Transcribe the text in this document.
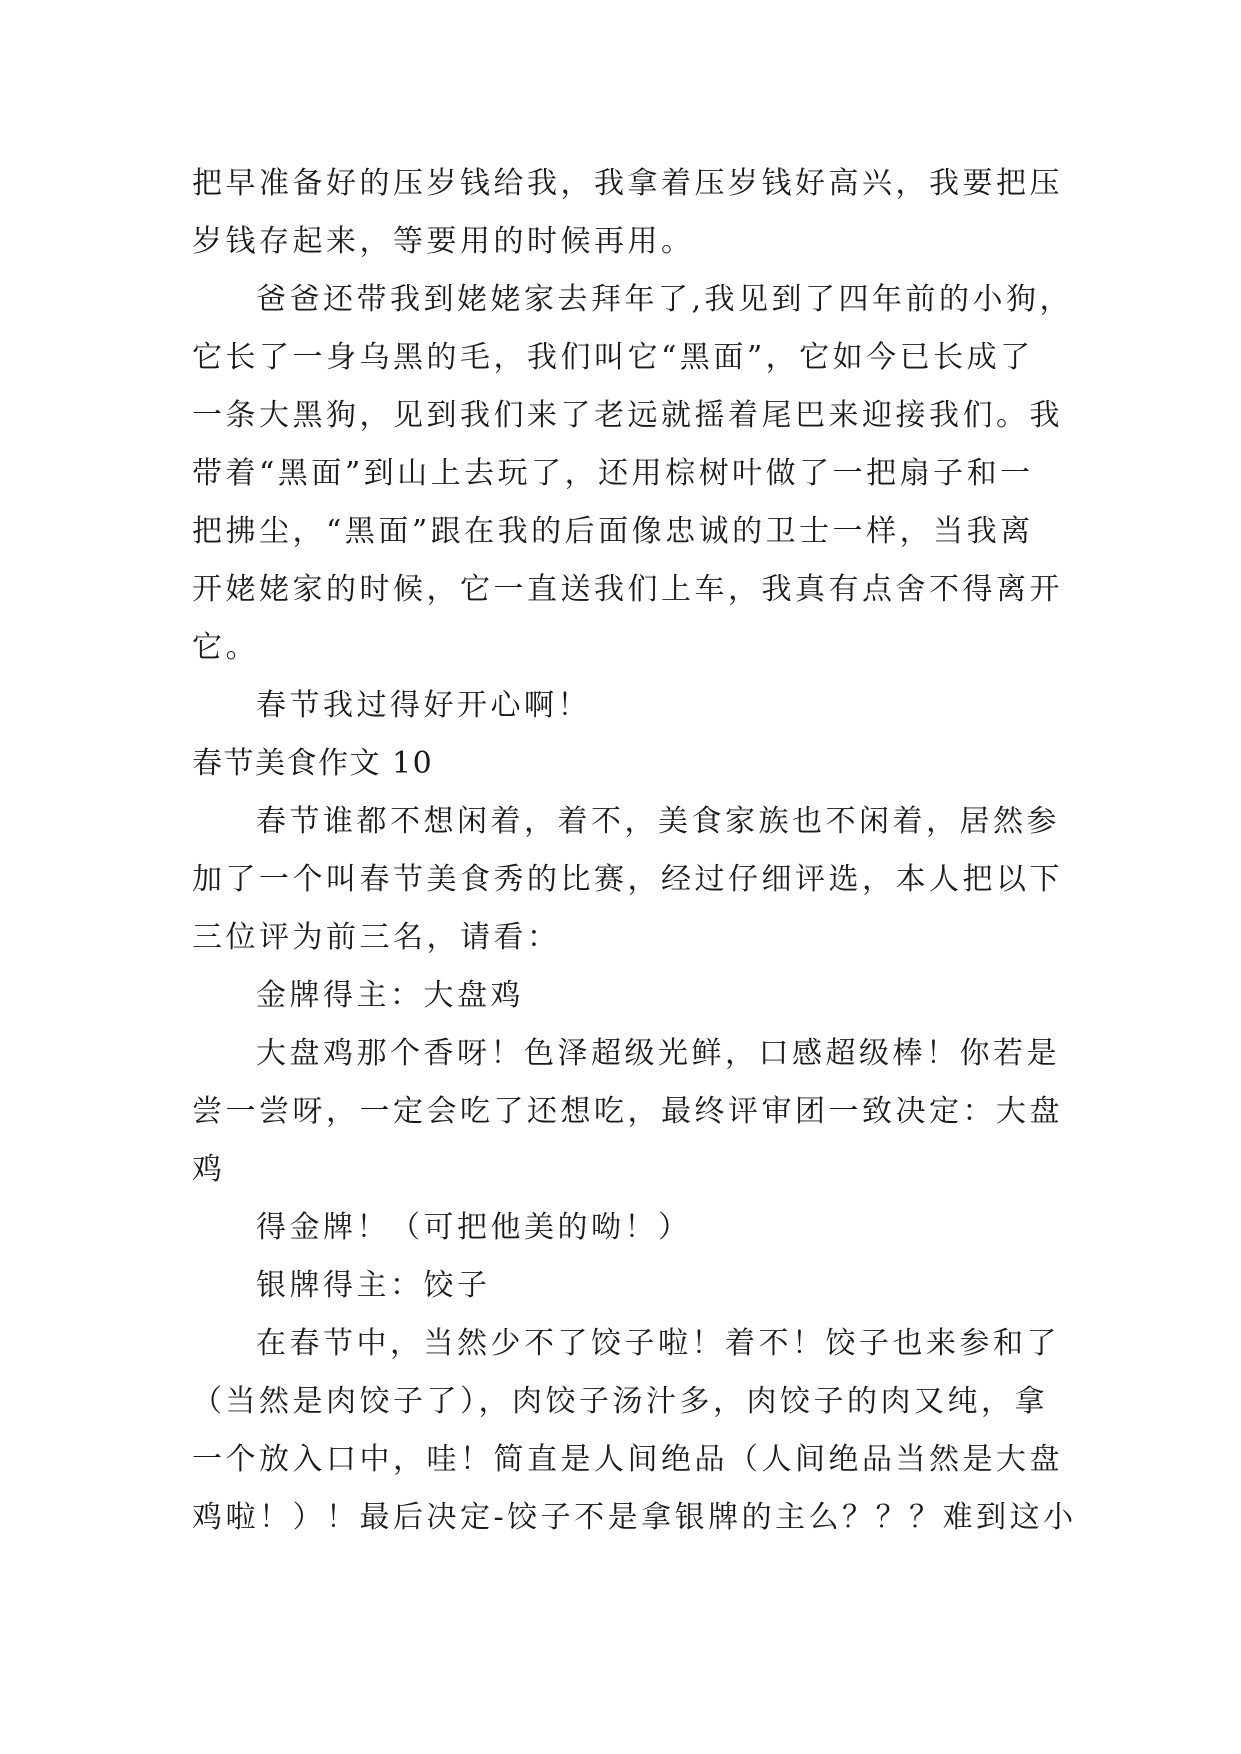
把早准备好的压岁钱给我，我拿着压岁钱好高兴，我要把压
岁钱存起来，等要用的时候再用。
爸爸还带我到姥姥家去拜年了,我见到了四年前的小狗，
它长了一身乌黑的毛，我们叫它“黑面”，它如今已长成了
一条大黑狗，见到我们来了老远就摇着尾巴来迎接我们。我
带着“黑面”到山上去玩了，还用棕树叶做了一把扇子和一
把拂尘，“黑面”跟在我的后面像忠诚的卫士一样，当我离
开姥姥家的时候，它一直送我们上车，我真有点舍不得离开
它。
春节我过得好开心啊！
春节美食作文 10
春节谁都不想闲着，着不，美食家族也不闲着，居然参
加了一个叫春节美食秀的比赛，经过仔细评选，本人把以下
三位评为前三名，请看：
金牌得主：大盘鸡
大盘鸡那个香呀！色泽超级光鲜，口感超级棒！你若是
尝一尝呀，一定会吃了还想吃，最终评审团一致决定：大盘
鸡
得金牌！（可把他美的呦！）
银牌得主：饺子
在春节中，当然少不了饺子啦！着不！饺子也来参和了
（当然是肉饺子了），肉饺子汤汁多，肉饺子的肉又纯，拿
一个放入口中，哇！简直是人间绝品（人间绝品当然是大盘
鸡啦！）！最后决定-饺子不是拿银牌的主么？？？难到这小
